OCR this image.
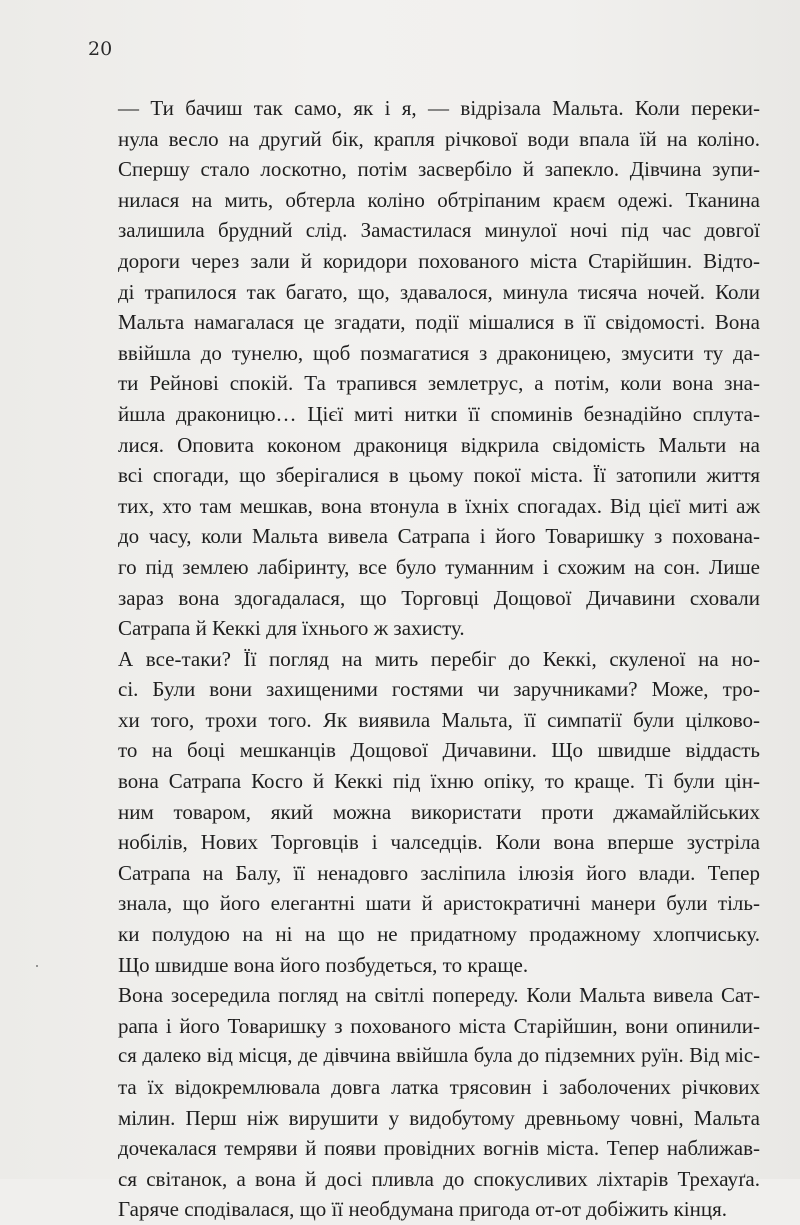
20
— Ти бачиш так само, як і я, — відрізала Мальта. Коли переки-
нула весло на другий бік, крапля річкової води впала їй на коліно.
Спершу стало лоскотно, потім засвербіло й запекло. Дівчина зупи-
нилася на мить, обтерла коліно обтріпаним краєм одежі. Тканина
залишила брудний слід. Замастилася минулої ночі під час довгої
дороги через зали й коридори похованого міста Старійшин. Відто-
ді трапилося так багато, що, здавалося, минула тисяча ночей. Коли
Мальта намагалася це згадати, події мішалися в її свідомості. Вона
ввійшла до тунелю, щоб позмагатися з драконицею, змусити ту да-
ти Рейнові спокій. Та трапився землетрус, а потім, коли вона зна-
йшла драконицю… Цієї миті нитки її споминів безнадійно сплута-
лися. Оповита коконом дракониця відкрила свідомість Мальти на
всі спогади, що зберігалися в цьому покої міста. Її затопили життя
тих, хто там мешкав, вона втонула в їхніх спогадах. Від цієї миті аж
до часу, коли Мальта вивела Сатрапа і його Товаришку з похована-
го під землею лабіринту, все було туманним і схожим на сон. Лише
зараз вона здогадалася, що Торговці Дощової Дичавини сховали
Сатрапа й Кеккі для їхнього ж захисту.
А все-таки? Її погляд на мить перебіг до Кеккі, скуленої на но-
сі. Були вони захищеними гостями чи заручниками? Може, тро-
хи того, трохи того. Як виявила Мальта, її симпатії були цілково-
то на боці мешканців Дощової Дичавини. Що швидше віддасть
вона Сатрапа Косго й Кеккі під їхню опіку, то краще. Ті були цін-
ним товаром, який можна використати проти джамайлійських
нобілів, Нових Торговців і чалседців. Коли вона вперше зустріла
Сатрапа на Балу, її ненадовго засліпила ілюзія його влади. Тепер
знала, що його елегантні шати й аристократичні манери були тіль-
ки полудою на ні на що не придатному продажному хлопчиську.
Що швидше вона його позбудеться, то краще.
Вона зосередила погляд на світлі попереду. Коли Мальта вивела Сат-
рапа і його Товаришку з похованого міста Старійшин, вони опинили-
ся далеко від місця, де дівчина ввійшла була до підземних руїн. Від міс-
та їх відокремлювала довга латка трясовин і заболочених річкових
мілин. Перш ніж вирушити у видобутому древньому човні, Мальта
дочекалася темряви й появи провідних вогнів міста. Тепер наближав-
ся світанок, а вона й досі пливла до спокусливих ліхтарів Трехауґа.
Гаряче сподівалася, що її необдумана пригода от-от добіжить кінця.
